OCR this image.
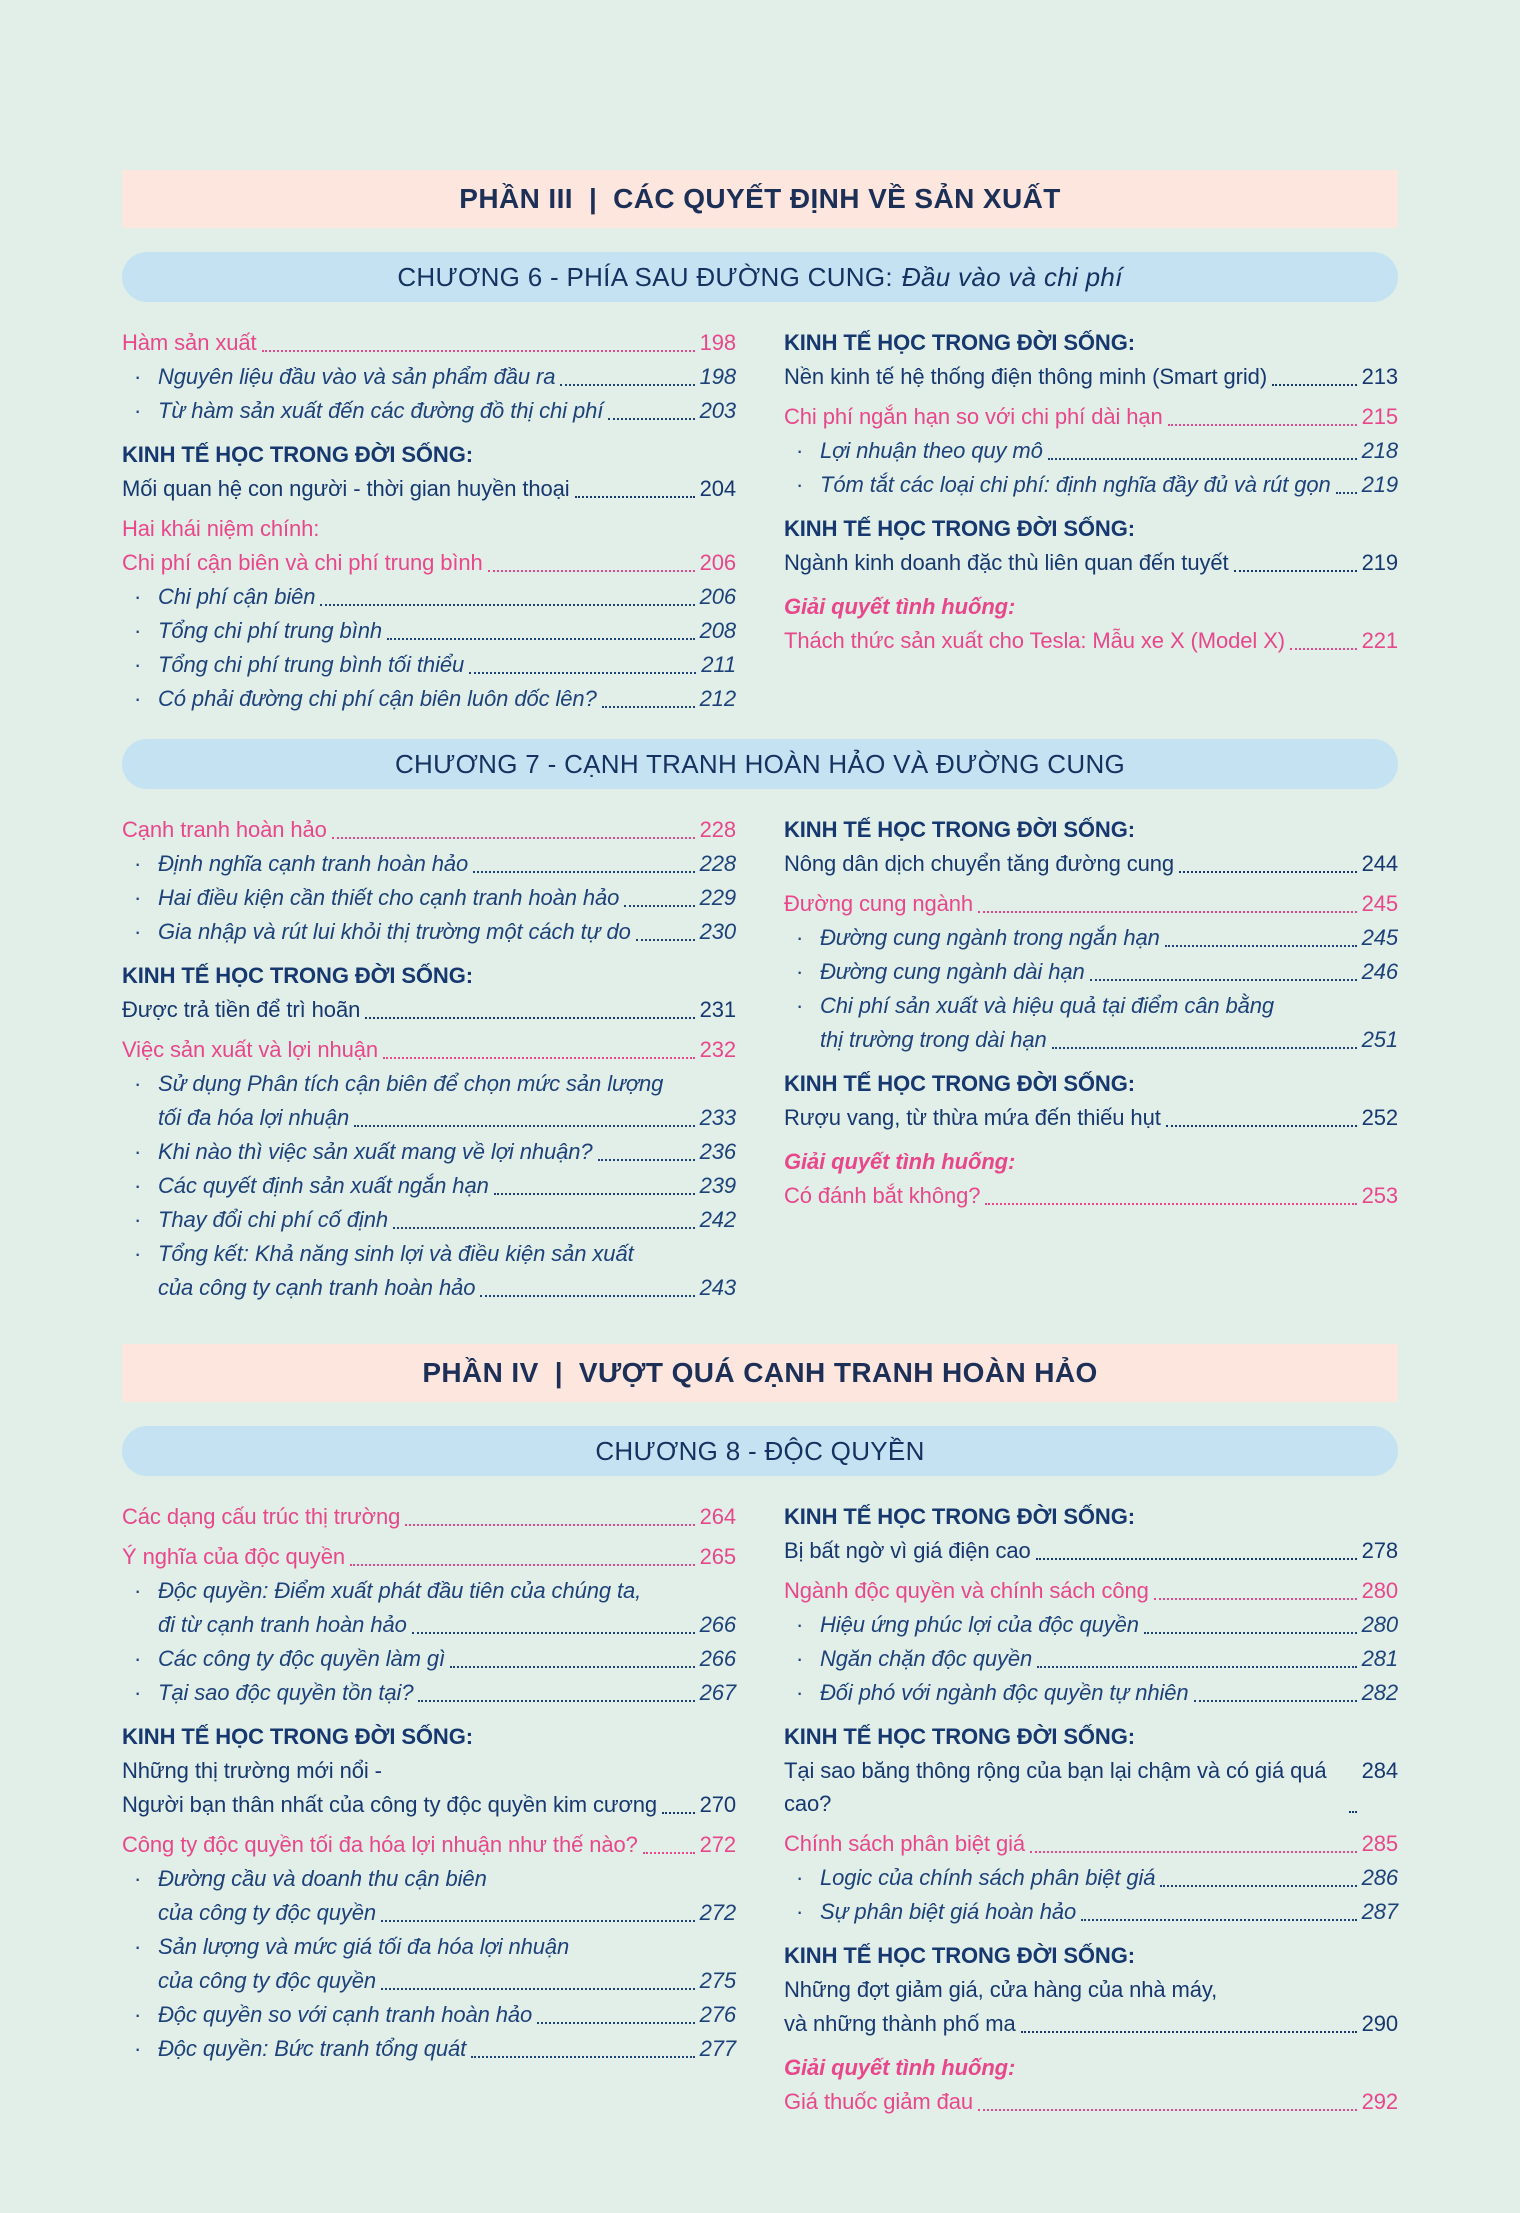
PHẦN III | CÁC QUYẾT ĐỊNH VỀ SẢN XUẤT
CHƯƠNG 6 - PHÍA SAU ĐƯỜNG CUNG: Đầu vào và chi phí
Hàm sản xuất	198
· Nguyên liệu đầu vào và sản phẩm đầu ra	198
· Từ hàm sản xuất đến các đường đồ thị chi phí	203
KINH TẾ HỌC TRONG ĐỜI SỐNG:
Mối quan hệ con người - thời gian huyền thoại	204
Hai khái niệm chính:
Chi phí cận biên và chi phí trung bình	206
· Chi phí cận biên	206
· Tổng chi phí trung bình	208
· Tổng chi phí trung bình tối thiểu	211
· Có phải đường chi phí cận biên luôn dốc lên?	212
KINH TẾ HỌC TRONG ĐỜI SỐNG:
Nền kinh tế hệ thống điện thông minh (Smart grid)	213
Chi phí ngắn hạn so với chi phí dài hạn	215
· Lợi nhuận theo quy mô	218
· Tóm tắt các loại chi phí: định nghĩa đầy đủ và rút gọn 219
KINH TẾ HỌC TRONG ĐỜI SỐNG:
Ngành kinh doanh đặc thù liên quan đến tuyết	219
Giải quyết tình huống:
Thách thức sản xuất cho Tesla: Mẫu xe X (Model X)	221
CHƯƠNG 7 - CẠNH TRANH HOÀN HẢO VÀ ĐƯỜNG CUNG
Cạnh tranh hoàn hảo	228
· Định nghĩa cạnh tranh hoàn hảo	228
· Hai điều kiện cần thiết cho cạnh tranh hoàn hảo	229
· Gia nhập và rút lui khỏi thị trường một cách tự do	230
KINH TẾ HỌC TRONG ĐỜI SỐNG:
Được trả tiền để trì hoãn	231
Việc sản xuất và lợi nhuận	232
· Sử dụng Phân tích cận biên để chọn mức sản lượng
tối đa hóa lợi nhuận	233
· Khi nào thì việc sản xuất mang về lợi nhuận?	236
· Các quyết định sản xuất ngắn hạn	239
· Thay đổi chi phí cố định	242
· Tổng kết: Khả năng sinh lợi và điều kiện sản xuất
của công ty cạnh tranh hoàn hảo	243
KINH TẾ HỌC TRONG ĐỜI SỐNG:
Nông dân dịch chuyển tăng đường cung	244
Đường cung ngành	245
· Đường cung ngành trong ngắn hạn	245
· Đường cung ngành dài hạn	246
· Chi phí sản xuất và hiệu quả tại điểm cân bằng
thị trường trong dài hạn	251
KINH TẾ HỌC TRONG ĐỜI SỐNG:
Rượu vang, từ thừa mứa đến thiếu hụt	252
Giải quyết tình huống:
Có đánh bắt không?	253
PHẦN IV | VƯỢT QUÁ CẠNH TRANH HOÀN HẢO
CHƯƠNG 8 - ĐỘC QUYỀN
Các dạng cấu trúc thị trường	264
Ý nghĩa của độc quyền	265
· Độc quyền: Điểm xuất phát đầu tiên của chúng ta,
đi từ cạnh tranh hoàn hảo	266
· Các công ty độc quyền làm gì	266
· Tại sao độc quyền tồn tại?	267
KINH TẾ HỌC TRONG ĐỜI SỐNG:
Những thị trường mới nổi -
Người bạn thân nhất của công ty độc quyền kim cương 270
Công ty độc quyền tối đa hóa lợi nhuận như thế nào?	272
· Đường cầu và doanh thu cận biên
của công ty độc quyền	272
· Sản lượng và mức giá tối đa hóa lợi nhuận
của công ty độc quyền	275
· Độc quyền so với cạnh tranh hoàn hảo	276
· Độc quyền: Bức tranh tổng quát	277
KINH TẾ HỌC TRONG ĐỜI SỐNG:
Bị bất ngờ vì giá điện cao	278
Ngành độc quyền và chính sách công	280
· Hiệu ứng phúc lợi của độc quyền	280
· Ngăn chặn độc quyền	281
· Đối phó với ngành độc quyền tự nhiên	282
KINH TẾ HỌC TRONG ĐỜI SỐNG:
Tại sao băng thông rộng của bạn lại chậm và có giá quá cao?
284
Chính sách phân biệt giá	285
· Logic của chính sách phân biệt giá	286
· Sự phân biệt giá hoàn hảo	287
KINH TẾ HỌC TRONG ĐỜI SỐNG:
Những đợt giảm giá, cửa hàng của nhà máy,
và những thành phố ma	290
Giải quyết tình huống:
Giá thuốc giảm đau	292
